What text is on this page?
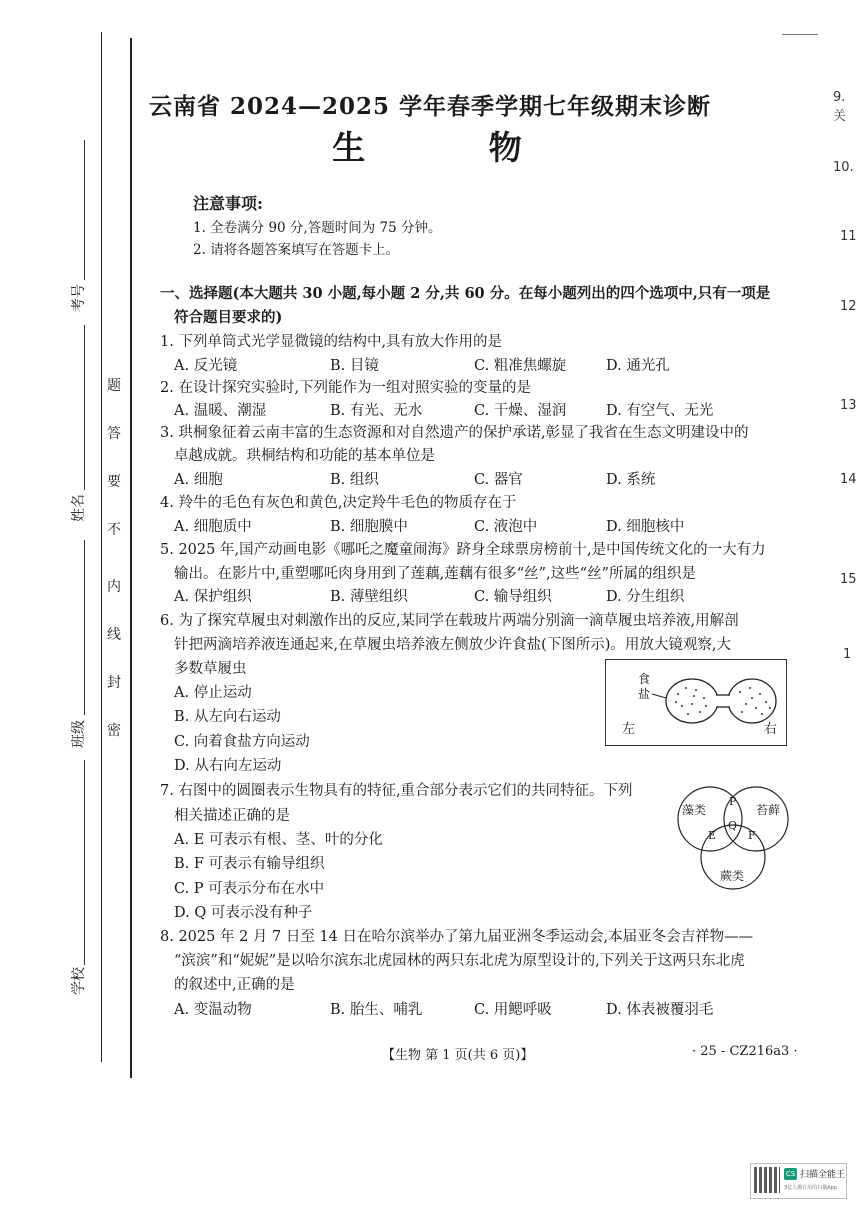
考号
姓名
班级
学校
题
答
要
不
内
线
封
密
云南省 2024—2025 学年春季学期七年级期末诊断
生 物
注意事项:
1. 全卷满分 90 分,答题时间为 75 分钟。
2. 请将各题答案填写在答题卡上。
一、选择题(本大题共 30 小题,每小题 2 分,共 60 分。在每小题列出的四个选项中,只有一项是
符合题目要求的)
1. 下列单筒式光学显微镜的结构中,具有放大作用的是
A. 反光镜	B. 目镜	C. 粗准焦螺旋	D. 通光孔
2. 在设计探究实验时,下列能作为一组对照实验的变量的是
A. 温暖、潮湿	B. 有光、无水	C. 干燥、湿润	D. 有空气、无光
3. 珙桐象征着云南丰富的生态资源和对自然遗产的保护承诺,彰显了我省在生态文明建设中的
卓越成就。珙桐结构和功能的基本单位是
A. 细胞	B. 组织	C. 器官	D. 系统
4. 羚牛的毛色有灰色和黄色,决定羚牛毛色的物质存在于
A. 细胞质中	B. 细胞膜中	C. 液泡中	D. 细胞核中
5. 2025 年,国产动画电影《哪吒之魔童闹海》跻身全球票房榜前十,是中国传统文化的一大有力
输出。在影片中,重塑哪吒肉身用到了莲藕,莲藕有很多“丝”,这些“丝”所属的组织是
A. 保护组织	B. 薄壁组织	C. 输导组织	D. 分生组织
6. 为了探究草履虫对刺激作出的反应,某同学在载玻片两端分别滴一滴草履虫培养液,用解剖
针把两滴培养液连通起来,在草履虫培养液左侧放少许食盐(下图所示)。用放大镜观察,大
多数草履虫
A. 停止运动
B. 从左向右运动
C. 向着食盐方向运动
D. 从右向左运动
食盐
左	右
7. 右图中的圆圈表示生物具有的特征,重合部分表示它们的共同特征。下列
相关描述正确的是
A. E 可表示有根、茎、叶的分化
B. F 可表示有输导组织
C. P 可表示分布在水中
D. Q 可表示没有种子
藻类	苔藓
蕨类
P
Q
E	F
8. 2025 年 2 月 7 日至 14 日在哈尔滨举办了第九届亚洲冬季运动会,本届亚冬会吉祥物——
“滨滨”和“妮妮”是以哈尔滨东北虎园林的两只东北虎为原型设计的,下列关于这两只东北虎
的叙述中,正确的是
A. 变温动物	B. 胎生、哺乳	C. 用鳃呼吸	D. 体表被覆羽毛
【生物 第 1 页(共 6 页)】	· 25 - CZ216a3 ·
9. 关
10.
11
12
13
14
15
1
CS 扫描全能王
3亿人都在用的扫描App
